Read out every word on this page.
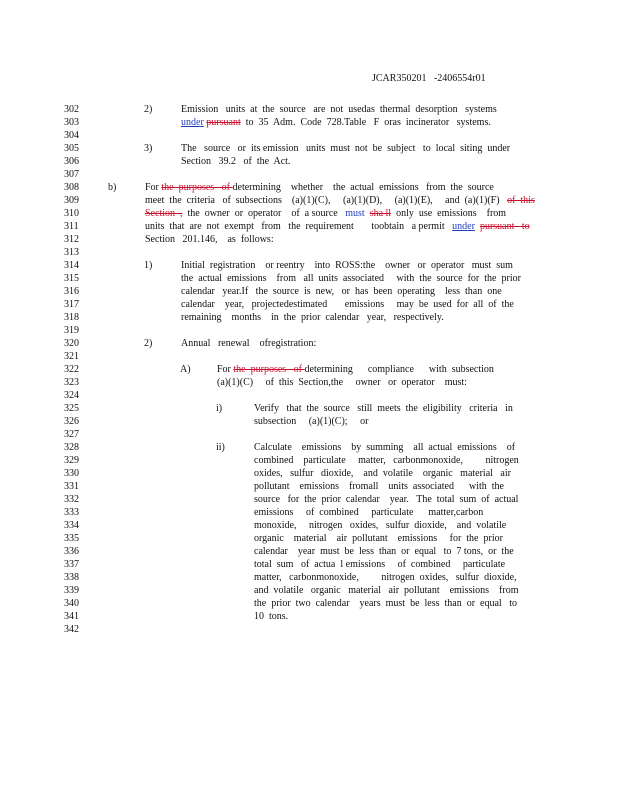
JCAR350201 -2406554r01
302
303
304
305
306
307
308
309
310
311
312
313
314
315
316
317
318
319
320
321
322
323
324
325
326
327
328
329
330
331
332
333
334
335
336
337
338
339
340
341
342
2)	Emission   units  at  the  source   are  not  usedas  thermal  desorption   systems
under pursuant  to  35  Adm.  Code  728.Table   F  oras  incinerator   systems.
3)	The   source   or  its emission   units  must  not  be  subject   to  local  siting  under
Section   39.2   of  the  Act.
b)	For the  purposes   of determining    whether    the  actual  emissions   from  the  source
meet  the  criteria   of  subsections    (a)(1)(C),     (a)(1)(D),     (a)(1)(E),     and  (a)(1)(F)   of  this
Section  ,  the  owner  or  operator    of  a source   must sha ll  only  use  emissions    from
units  that  are  not  exempt   from   the  requirement       toobtain   a permit   under pursuant   to
Section   201.146,    as  follows:
1)	Initial  registration    or reentry    into  ROSS:the    owner   or  operator   must  sum
the  actual  emissions    from   all  units  associated     with  the  source  for  the  prior
calendar   year.If   the  source  is  new,   or  has  been  operating    less  than  one
calendar    year,   projectedestimated       emissions     may  be  used  for  all  of  the
remaining    months    in  the  prior  calendar   year,   respectively.
2)	Annual   renewal    ofregistration:
A)	For the  purposes   of determining      compliance      with  subsection
(a)(1)(C)     of  this  Section,the     owner   or  operator    must:
i)	Verify   that  the  source   still  meets  the  eligibility   criteria   in
subsection     (a)(1)(C);     or
ii)	Calculate    emissions    by  summing    all  actual  emissions    of
combined    particulate     matter,   carbonmonoxide,         nitrogen
oxides,   sulfur   dioxide,    and  volatile    organic   material   air
pollutant    emissions    fromall    units  associated      with  the
source   for  the  prior  calendar    year.   The  total  sum  of  actual
emissions     of  combined     particulate      matter,carbon
monoxide,     nitrogen   oxides,   sulfur  dioxide,    and  volatile
organic    material    air  pollutant    emissions     for  the  prior
calendar    year  must  be  less  than  or  equal   to  7 tons,  or  the
total  sum   of  actua  l emissions     of  combined     particulate
matter,   carbonmonoxide,         nitrogen  oxides,   sulfur  dioxide,
and  volatile   organic   material   air  pollutant    emissions    from
the  prior  two  calendar    years  must  be  less  than  or  equal   to
10  tons.
